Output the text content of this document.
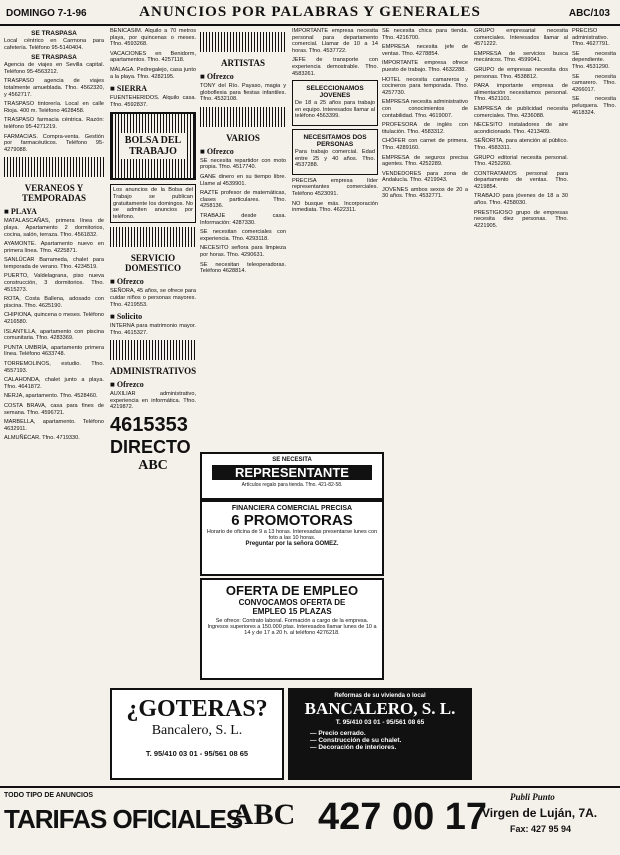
DOMINGO 7-1-96	ANUNCIOS POR PALABRAS Y GENERALES	ABC/103
SE TRASPASA

Local céntrico en Carmona para cafetería. Teléfono 95-5140404.

SE TRASPASA

Agencia de viajes en Sevilla capital. Teléfono 95-4563212.

TRASPASO agencia de viajes totalmente amueblada. Tfno. 4562320, y 4562717.

TRASPASO tintorería. Local en calle Rioja. 400 m. Teléfono 4628458.

TRASPASO farmacia céntrica. Razón: teléfono 95-4271219.

FARMACIAS. Compra-venta. Gestión por farmacéuticos. Teléfono 95-4279088.

VERANEOS Y TEMPORADAS
■ PLAYA

MATALASCAÑAS, primera línea de playa. Apartamento 2 dormitorios, cocina, salón, terraza. Tfno. 4561832.

AYAMONTE. Apartamento nuevo en primera línea. Tfno. 4225871.

SANLÚCAR Barrameda, chalet para temporada de verano. Tfno. 4234519.

PUERTO, Valdelagrana, piso nueva construcción, 3 dormitorios. Tfno. 4515273.

ROTA, Costa Ballena, adosado con piscina. Tfno. 4625190.

CHIPIONA, quincena o meses. Teléfono 4216580.

ISLANTILLA, apartamento con piscina comunitaria. Tfno. 4283369.

PUNTA UMBRÍA, apartamento primera línea. Teléfono 4633748.

TORREMOLINOS, estudio. Tfno. 4557193.

CALAHONDA, chalet junto a playa. Tfno. 4641872.

NERJA, apartamento. Tfno. 4528460.

COSTA BRAVA, casa para fines de semana. Tfno. 4596721.

MARBELLA, apartamento. Teléfono 4632911.

ALMUÑÉCAR. Tfno. 4719330.

BENICASIM. Alquilo a 70 metros playa, por quincenas o meses. Tfno. 4593268.

VACACIONES en Benidorm, apartamentos. Tfno. 4257118.

MÁLAGA. Pedregalejo, casa junto a la playa. Tfno. 4282195.

■ SIERRA

FUENTEHERIDOS. Alquilo casa. Tfno. 4592837.

BOLSA DEL TRABAJO

Los anuncios de la Bolsa del Trabajo se publican gratuitamente los domingos. No se admiten anuncios por teléfono.

SERVICIO DOMESTICO
■ Ofrezco

SEÑORA, 45 años, se ofrece para cuidar niños o personas mayores. Tfno. 4219553.

■ Solicito

INTERNA para matrimonio mayor. Tfno. 4615327.

ADMINISTRATIVOS
■ Ofrezco

AUXILIAR administrativo, experiencia en informática. Tfno. 4219872.

4615353
DIRECTO
ABC
ARTISTAS
■ Ofrezco

TONY del Río. Payaso, magia y globoflexia para fiestas infantiles. Tfno. 4532108.

VARIOS
■ Ofrezco

SE necesita repartidor con moto propia. Tfno. 4517740.

GANE dinero en su tiempo libre. Llame al 4539901.

RAZTE profesor de matemáticas, clases particulares. Tfno. 4258136.

TRABAJE desde casa. Información: 4287330.

SE necesitan comerciales con experiencia. Tfno. 4293118.

NECESITO señora para limpieza por horas. Tfno. 4290631.

SE necesitan teleoperadoras. Teléfono 4628814.

IMPORTANTE empresa necesita personal para departamento comercial. Llamar de 10 a 14 horas. Tfno. 4537722.

JEFE de transporte con experiencia demostrable. Tfno. 4583261.

SELECCIONAMOS JOVENES

De 18 a 25 años para trabajo en equipo. Interesados llamar al teléfono 4563399.

NECESITAMOS DOS PERSONAS

Para trabajo comercial. Edad entre 25 y 40 años. Tfno. 4537288.

PRECISA empresa líder representantes comerciales. Teléfono 4523091.

NO busque más. Incorporación inmediata. Tfno. 4622311.

SE necesita chica para tienda. Tfno. 4216700.

EMPRESA necesita jefe de ventas. Tfno. 4278854.

IMPORTANTE empresa ofrece puesto de trabajo. Tfno. 4632288.

HOTEL necesita camareros y cocineros para temporada. Tfno. 4257730.

EMPRESA necesita administrativo con conocimientos de contabilidad. Tfno. 4619007.

PROFESORA de inglés con titulación. Tfno. 4583312.

CHÓFER con carnet de primera. Tfno. 4289160.

EMPRESA de seguros precisa agentes. Tfno. 4252289.

VENDEDORES para zona de Andalucía. Tfno. 4219943.

JOVENES ambos sexos de 20 a 30 años. Tfno. 4532771.

GRUPO empresarial necesita comerciales. Interesados llamar al 4571222.

EMPRESA de servicios busca mecánicos. Tfno. 4599041.

GRUPO de empresas necesita dos personas. Tfno. 4538812.

PARA importante empresa de alimentación necesitamos personal. Tfno. 4521101.

EMPRESA de publicidad necesita comerciales. Tfno. 4236088.

NECESITO instaladores de aire acondicionado. Tfno. 4213409.

SEÑORITA, para atención al público. Tfno. 4583311.

GRUPO editorial necesita personal. Tfno. 4252260.

CONTRATAMOS personal para departamento de ventas. Tfno. 4219854.

TRABAJO para jóvenes de 18 a 30 años. Tfno. 4258030.

PRESTIGIOSO grupo de empresas necesita diez personas. Tfno. 4221905.

PRECISO administrativo. Tfno. 4627791.

SE necesita dependiente. Tfno. 4531290.

SE necesita camarero. Tfno. 4266017.

SE necesita peluquera. Tfno. 4618324.

SE NECESITA
REPRESENTANTE
Artículos regalo para tienda. Tfno. 421-82-58.
FINANCIERA COMERCIAL PRECISA
6 PROMOTORAS
Horario de oficina de 9 a 13 horas. Interesadas presentarse lunes con foto a las 10 horas.
Preguntar por la señora GOMEZ.
OFERTA DE EMPLEO
CONVOCAMOS OFERTA DE
EMPLEO 15 PLAZAS
Se ofrece: Contrato laboral. Formación a cargo de la empresa. Ingresos superiores a 150.000 ptas. Interesados llamar lunes de 10 a 14 y de 17 a 20 h. al teléfono 4276218.
¿GOTERAS?
Bancalero, S. L.
T. 95/410 03 01 - 95/561 08 65
Reformas de su vivienda o local
BANCALERO, S. L.
T. 95/410 03 01 - 95/561 08 65
— Precio cerrado.
— Construcción de su chalet.
— Decoración de interiores.
TODO TIPO DE ANUNCIOS
TARIFAS OFICIALES
ABC 427 00 17	Publi Punto
Virgen de Luján, 7A.
Fax: 427 95 94
